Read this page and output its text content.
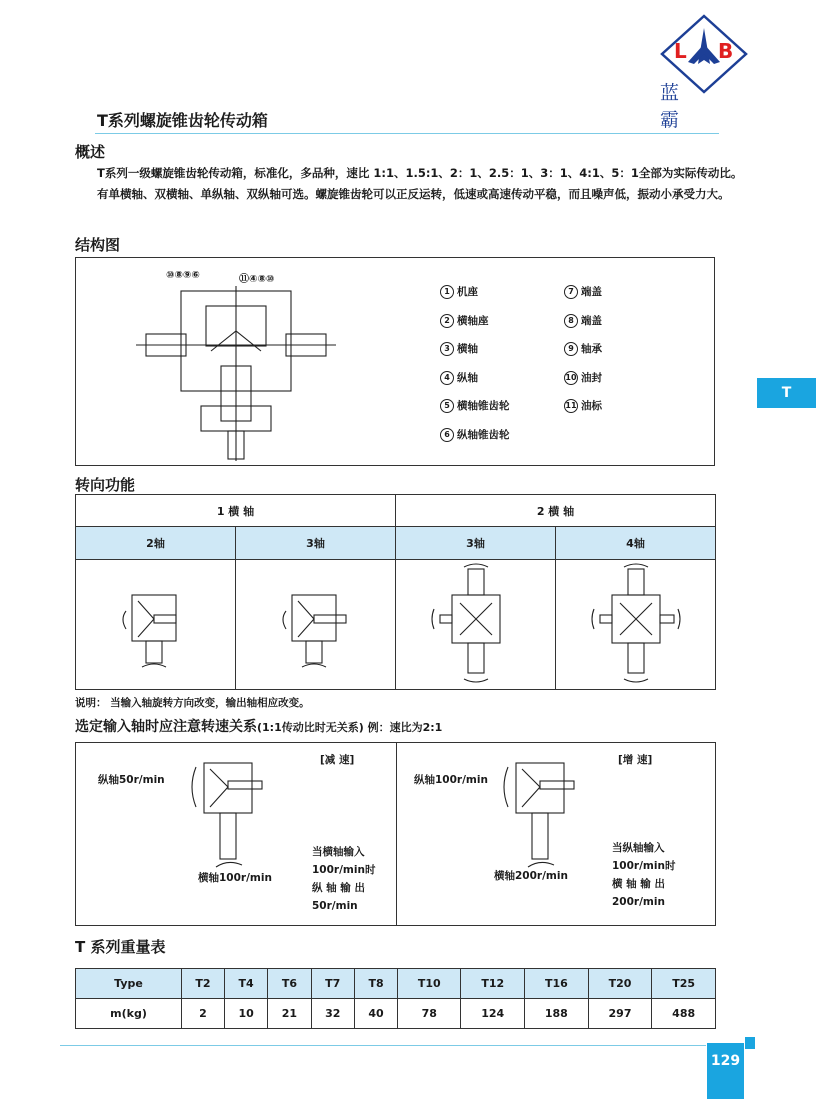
L B
蓝 霸
T系列螺旋锥齿轮传动箱
概述
T系列一级螺旋锥齿轮传动箱，标准化，多品种，速比 1:1、1.5:1、2：1、2.5：1、3：1、4:1、5：1全部为实际传动比。有单横轴、双横轴、单纵轴、双纵轴可选。螺旋锥齿轮可以正反运转，低速或高速传动平稳，而且噪声低，振动小承受力大。
结构图
⑩⑧⑨⑥	⑪④⑧⑩
1 机座	7 端盖
2 横轴座	8 端盖
3 横轴	9 轴承
4 纵轴	10 油封
5 横轴锥齿轮	11 油标
6 纵轴锥齿轮
T
转向功能
1 横 轴		2 横 轴	
2轴	3轴	3轴	4轴

说明： 当输入轴旋转方向改变，输出轴相应改变。
选定输入轴时应注意转速关系(1:1传动比时无关系) 例：速比为2:1
[减 速]
纵轴50r/min
横轴100r/min
当横轴输入
100r/min时
纵 轴 输 出
50r/min
[增 速]
纵轴100r/min
横轴200r/min
当纵轴输入
100r/min时
横 轴 输 出
200r/min
T 系列重量表
Type	T2	T4	T6	T7	T8	T10	T12	T16	T20	T25
m(kg)	2	10	21	32	40	78	124	188	297	488
129
